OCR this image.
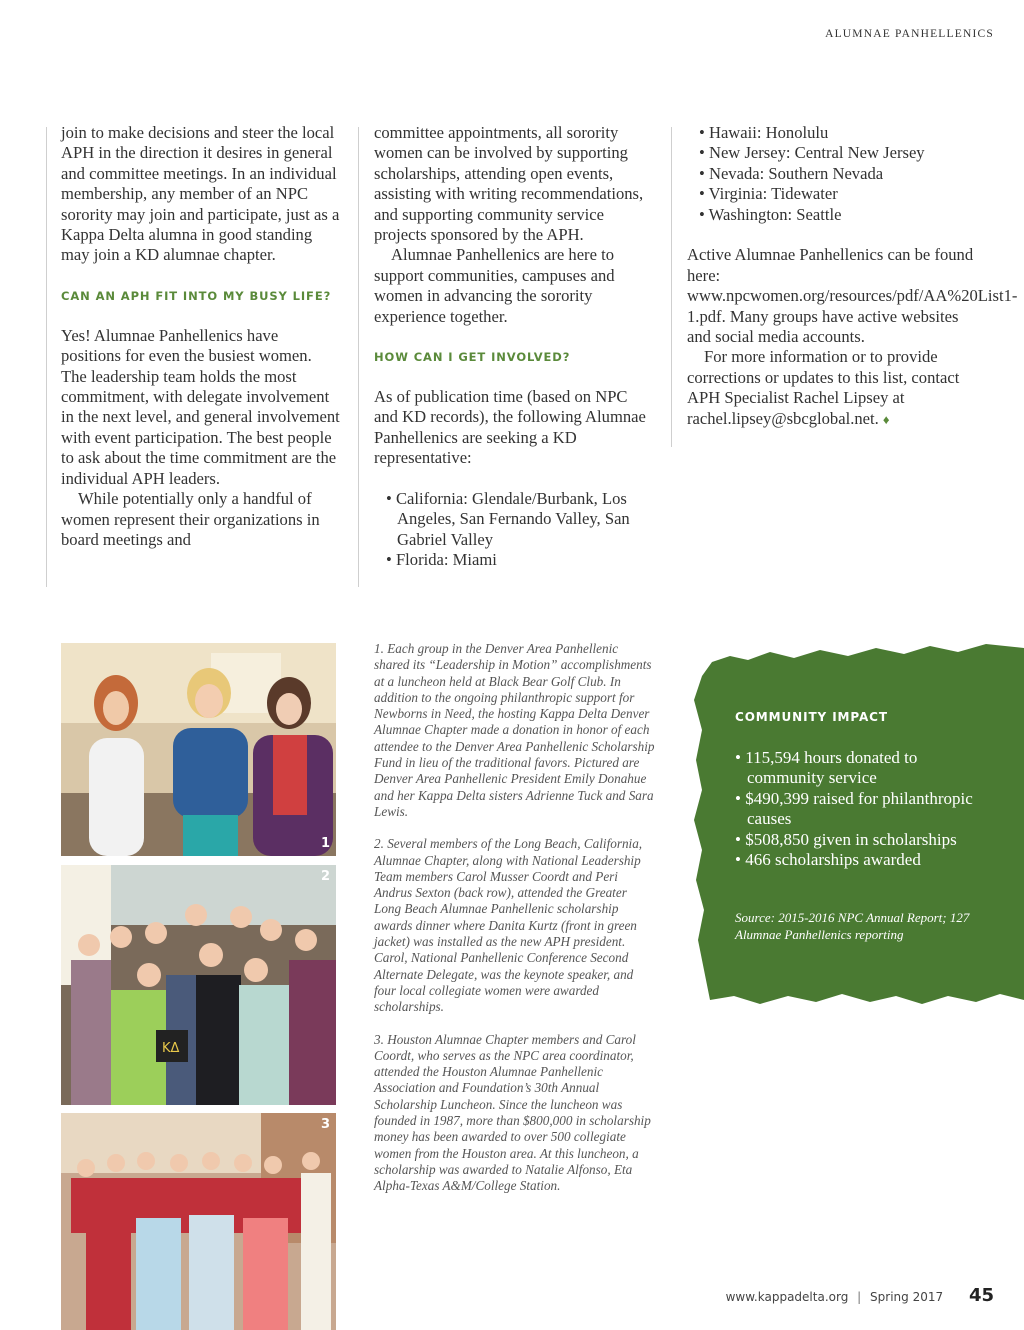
ALUMNAE PANHELLENICS

join to make decisions and steer the local APH in the direction it desires in general and committee meetings. In an individual membership, any member of an NPC sorority may join and participate, just as a Kappa Delta alumna in good standing may join a KD alumnae chapter.

CAN AN APH FIT INTO MY BUSY LIFE?

Yes! Alumnae Panhellenics have positions for even the busiest women. The leadership team holds the most commitment, with delegate involvement in the next level, and general involvement with event participation. The best people to ask about the time commitment are the individual APH leaders.

While potentially only a handful of women represent their organizations in board meetings and

committee appointments, all sorority women can be involved by supporting scholarships, attending open events, assisting with writing recommendations, and supporting community service projects sponsored by the APH.

Alumnae Panhellenics are here to support communities, campuses and women in advancing the sorority experience together.

HOW CAN I GET INVOLVED?

As of publication time (based on NPC and KD records), the following Alumnae Panhellenics are seeking a KD representative:

• California: Glendale/Burbank, Los Angeles, San Fernando Valley, San Gabriel Valley

• Florida: Miami

• Hawaii: Honolulu

• New Jersey: Central New Jersey

• Nevada: Southern Nevada

• Virginia: Tidewater

• Washington: Seattle

Active Alumnae Panhellenics can be found here: www.npcwomen.org/resources/pdf/AA%20List1-1.pdf. Many groups have active websites and social media accounts.

For more information or to provide corrections or updates to this list, contact APH Specialist Rachel Lipsey at rachel.lipsey@sbcglobal.net. ♦

1
KΔ
2
3

1. Each group in the Denver Area Panhellenic shared its “Leadership in Motion” accomplishments at a luncheon held at Black Bear Golf Club. In addition to the ongoing philanthropic support for Newborns in Need, the hosting Kappa Delta Denver Alumnae Chapter made a donation in honor of each attendee to the Denver Area Panhellenic Scholarship Fund in lieu of the traditional favors. Pictured are Denver Area Panhellenic President Emily Donahue and her Kappa Delta sisters Adrienne Tuck and Sara Lewis.

2. Several members of the Long Beach, California, Alumnae Chapter, along with National Leadership Team members Carol Musser Coordt and Peri Andrus Sexton (back row), attended the Greater Long Beach Alumnae Panhellenic scholarship awards dinner where Danita Kurtz (front in green jacket) was installed as the new APH president. Carol, National Panhellenic Conference Second Alternate Delegate, was the keynote speaker, and four local collegiate women were awarded scholarships.

3. Houston Alumnae Chapter members and Carol Coordt, who serves as the NPC area coordinator, attended the Houston Alumnae Panhellenic Association and Foundation’s 30th Annual Scholarship Luncheon. Since the luncheon was founded in 1987, more than $800,000 in scholarship money has been awarded to over 500 collegiate women from the Houston area. At this luncheon, a scholarship was awarded to Natalie Alfonso, Eta Alpha-Texas A&M/College Station.

COMMUNITY IMPACT
• 115,594 hours donated to community service
• $490,399 raised for philanthropic causes
• $508,850 given in scholarships
• 466 scholarships awarded
Source: 2015-2016 NPC Annual Report; 127 Alumnae Panhellenics reporting
www.kappadelta.org | Spring 2017 45
